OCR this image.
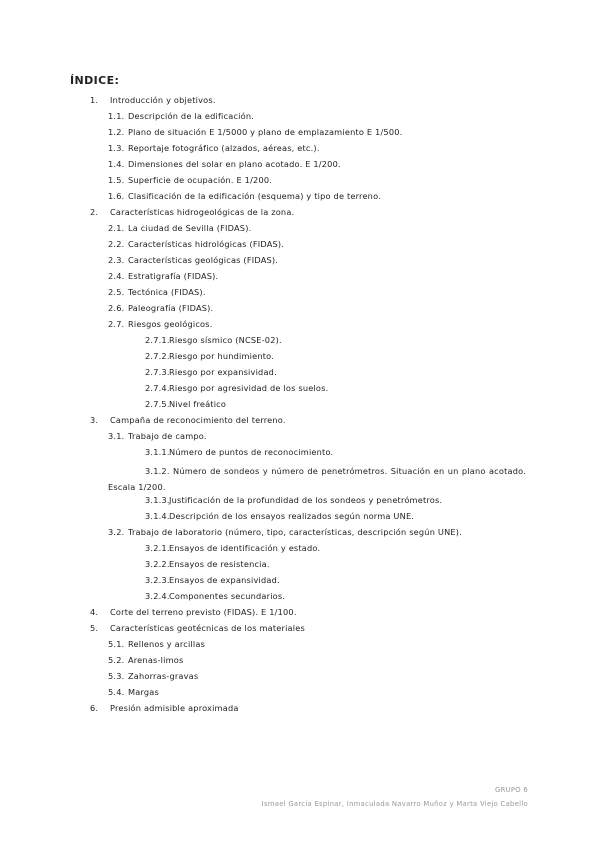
ÍNDICE:
1. Introducción y objetivos.
1.1. Descripción de la edificación.
1.2. Plano de situación E 1/5000 y plano de emplazamiento E 1/500.
1.3. Reportaje fotográfico (alzados, aéreas, etc.).
1.4. Dimensiones del solar en plano acotado. E 1/200.
1.5. Superficie de ocupación. E 1/200.
1.6. Clasificación de la edificación (esquema) y tipo de terreno.
2. Características hidrogeológicas de la zona.
2.1. La ciudad de Sevilla (FIDAS).
2.2. Características hidrológicas (FIDAS).
2.3. Características geológicas (FIDAS).
2.4. Estratigrafía (FIDAS).
2.5. Tectónica (FIDAS).
2.6. Paleografía (FIDAS).
2.7. Riesgos geológicos.
2.7.1.Riesgo sísmico (NCSE-02).
2.7.2.Riesgo por hundimiento.
2.7.3.Riesgo por expansividad.
2.7.4.Riesgo por agresividad de los suelos.
2.7.5.Nivel freático
3. Campaña de reconocimiento del terreno.
3.1. Trabajo de campo.
3.1.1.Número de puntos de reconocimiento.
3.1.2. Número de sondeos y número de penetrómetros. Situación en un plano acotado. Escala 1/200.
3.1.3.Justificación de la profundidad de los sondeos y penetrómetros.
3.1.4.Descripción de los ensayos realizados según norma UNE.
3.2. Trabajo de laboratorio (número, tipo, características, descripción según UNE).
3.2.1.Ensayos de identificación y estado.
3.2.2.Ensayos de resistencia.
3.2.3.Ensayos de expansividad.
3.2.4.Componentes secundarios.
4. Corte del terreno previsto (FIDAS). E 1/100.
5. Características geotécnicas de los materiales
5.1. Rellenos y arcillas
5.2. Arenas-limos
5.3. Zahorras-gravas
5.4. Margas
6. Presión admisible aproximada
GRUPO 6
Ismael García Espinar, Inmaculada Navarro Muñoz y Marta Viejo Cabello
